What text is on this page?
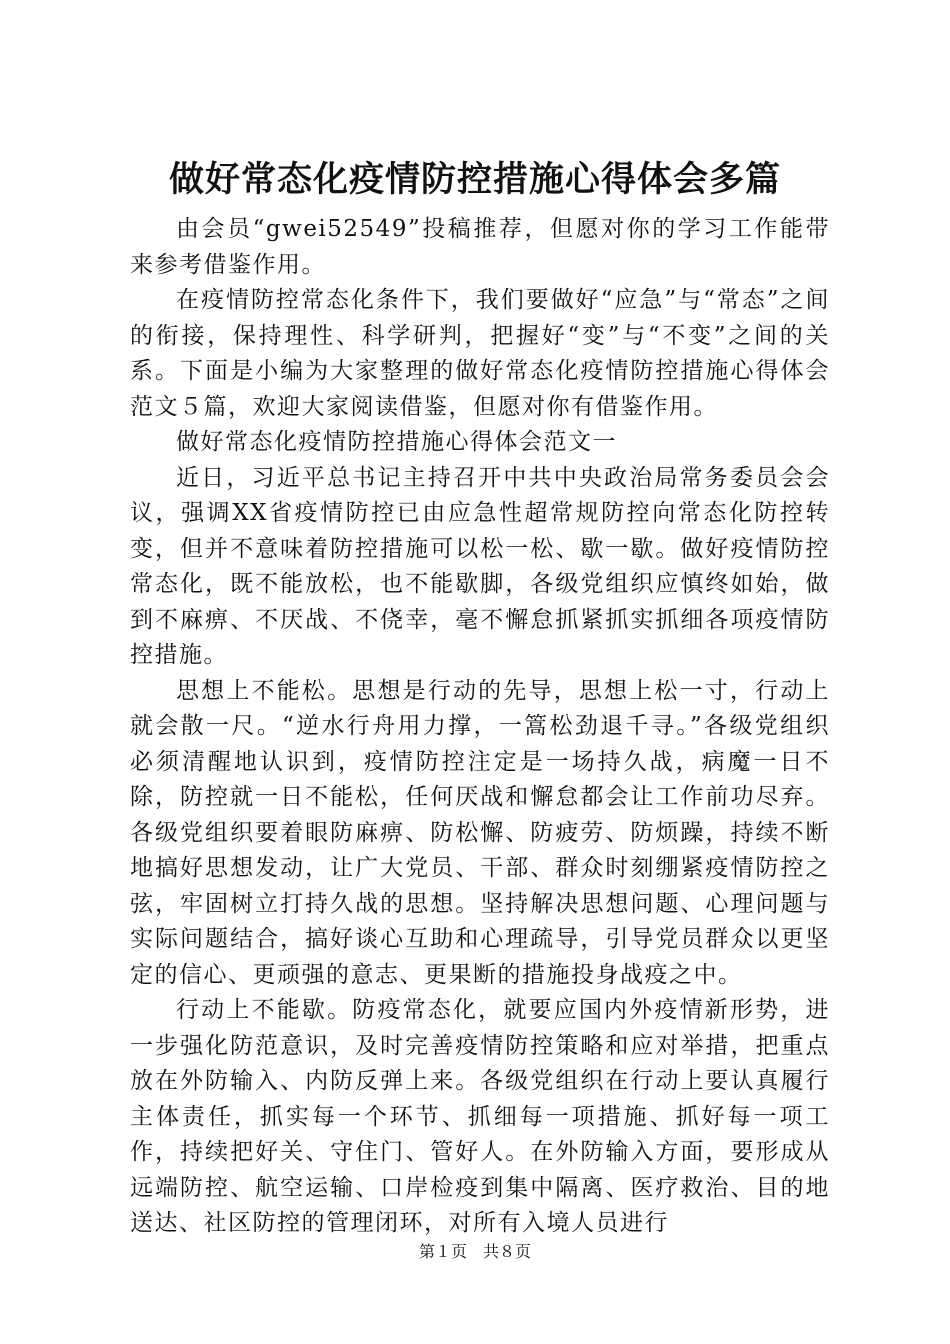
做好常态化疫情防控措施心得体会多篇

由会员“gwei52549”投稿推荐，但愿对你的学习工作能带来参考借鉴作用。

在疫情防控常态化条件下，我们要做好“应急”与“常态”之间的衔接，保持理性、科学研判，把握好“变”与“不变”之间的关系。下面是小编为大家整理的做好常态化疫情防控措施心得体会范文５篇，欢迎大家阅读借鉴，但愿对你有借鉴作用。

做好常态化疫情防控措施心得体会范文一

近日，习近平总书记主持召开中共中央政治局常务委员会会议，强调XX省疫情防控已由应急性超常规防控向常态化防控转变，但并不意味着防控措施可以松一松、歇一歇。做好疫情防控常态化，既不能放松，也不能歇脚，各级党组织应慎终如始，做到不麻痹、不厌战、不侥幸，毫不懈怠抓紧抓实抓细各项疫情防控措施。

思想上不能松。思想是行动的先导，思想上松一寸，行动上就会散一尺。“逆水行舟用力撑，一篙松劲退千寻。”各级党组织必须清醒地认识到，疫情防控注定是一场持久战，病魔一日不除，防控就一日不能松，任何厌战和懈怠都会让工作前功尽弃。各级党组织要着眼防麻痹、防松懈、防疲劳、防烦躁，持续不断地搞好思想发动，让广大党员、干部、群众时刻绷紧疫情防控之弦，牢固树立打持久战的思想。坚持解决思想问题、心理问题与实际问题结合，搞好谈心互助和心理疏导，引导党员群众以更坚定的信心、更顽强的意志、更果断的措施投身战疫之中。

行动上不能歇。防疫常态化，就要应国内外疫情新形势，进一步强化防范意识，及时完善疫情防控策略和应对举措，把重点放在外防输入、内防反弹上来。各级党组织在行动上要认真履行主体责任，抓实每一个环节、抓细每一项措施、抓好每一项工作，持续把好关、守住门、管好人。在外防输入方面，要形成从远端防控、航空运输、口岸检疫到集中隔离、医疗救治、目的地送达、社区防控的管理闭环，对所有入境人员进行

第１页　共８页
